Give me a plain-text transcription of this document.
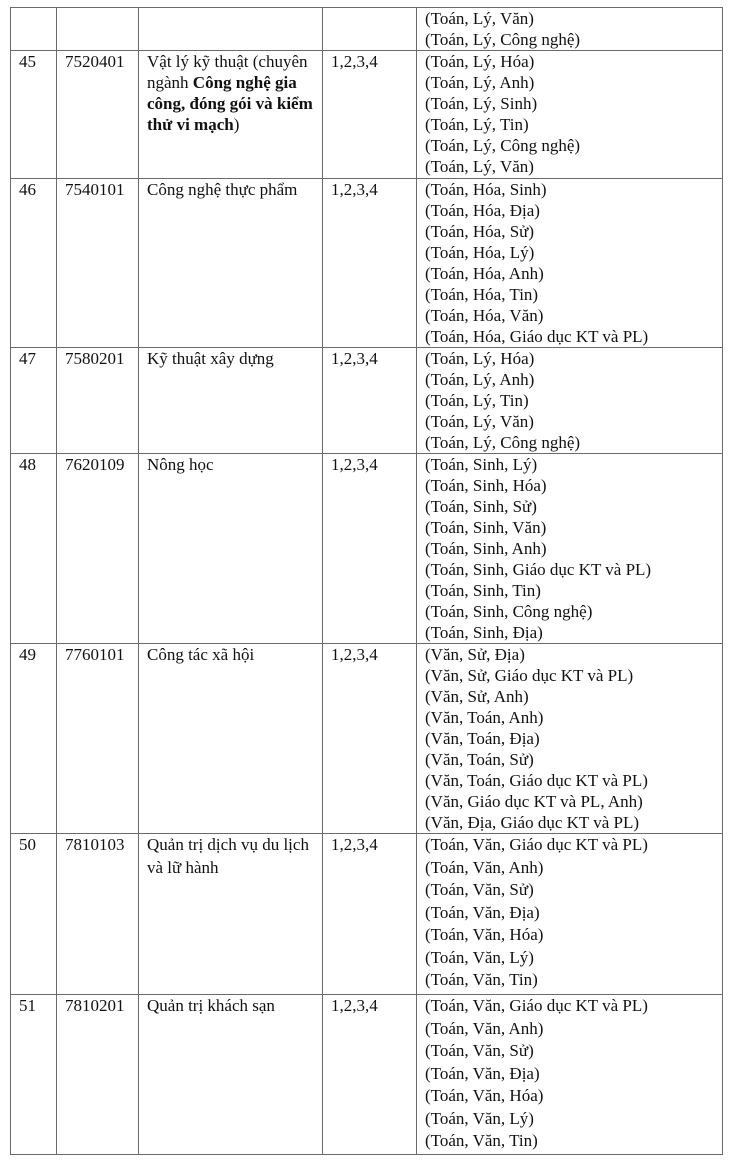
				(Toán, Lý, Văn)
(Toán, Lý, Công nghệ)

45	7520401	Vật lý kỹ thuật (chuyên ngành Công nghệ gia công, đóng gói và kiểm thử vi mạch)	1,2,3,4	(Toán, Lý, Hóa)
(Toán, Lý, Anh)
(Toán, Lý, Sinh)
(Toán, Lý, Tin)
(Toán, Lý, Công nghệ)
(Toán, Lý, Văn)

46	7540101	Công nghệ thực phẩm	1,2,3,4	(Toán, Hóa, Sinh)
(Toán, Hóa, Địa)
(Toán, Hóa, Sử)
(Toán, Hóa, Lý)
(Toán, Hóa, Anh)
(Toán, Hóa, Tin)
(Toán, Hóa, Văn)
(Toán, Hóa, Giáo dục KT và PL)

47	7580201	Kỹ thuật xây dựng	1,2,3,4	(Toán, Lý, Hóa)
(Toán, Lý, Anh)
(Toán, Lý, Tin)
(Toán, Lý, Văn)
(Toán, Lý, Công nghệ)

48	7620109	Nông học	1,2,3,4	(Toán, Sinh, Lý)
(Toán, Sinh, Hóa)
(Toán, Sinh, Sử)
(Toán, Sinh, Văn)
(Toán, Sinh, Anh)
(Toán, Sinh, Giáo dục KT và PL)
(Toán, Sinh, Tin)
(Toán, Sinh, Công nghệ)
(Toán, Sinh, Địa)

49	7760101	Công tác xã hội	1,2,3,4	(Văn, Sử, Địa)
(Văn, Sử, Giáo dục KT và PL)
(Văn, Sử, Anh)
(Văn, Toán, Anh)
(Văn, Toán, Địa)
(Văn, Toán, Sử)
(Văn, Toán, Giáo dục KT và PL)
(Văn, Giáo dục KT và PL, Anh)
(Văn, Địa, Giáo dục KT và PL)

50	7810103	Quản trị dịch vụ du lịch và lữ hành	1,2,3,4	(Toán, Văn, Giáo dục KT và PL)
(Toán, Văn, Anh)
(Toán, Văn, Sử)
(Toán, Văn, Địa)
(Toán, Văn, Hóa)
(Toán, Văn, Lý)
(Toán, Văn, Tin)

51	7810201	Quản trị khách sạn	1,2,3,4	(Toán, Văn, Giáo dục KT và PL)
(Toán, Văn, Anh)
(Toán, Văn, Sử)
(Toán, Văn, Địa)
(Toán, Văn, Hóa)
(Toán, Văn, Lý)
(Toán, Văn, Tin)
